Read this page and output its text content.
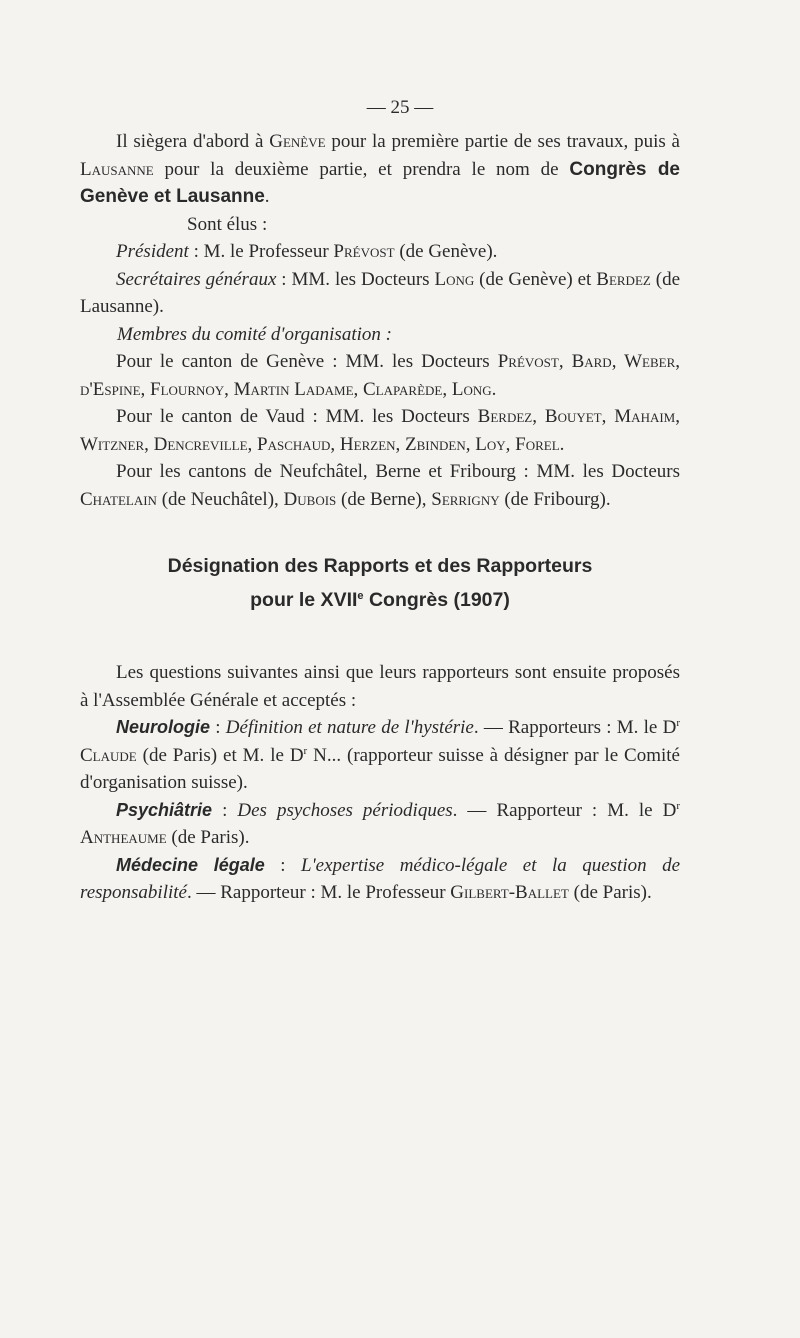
— 25 —

Il siègera d'abord à Genève pour la première partie de ses travaux, puis à Lausanne pour la deuxième partie, et prendra le nom de Congrès de Genève et Lausanne.

Sont élus :

Président : M. le Professeur Prévost (de Genève).

Secrétaires généraux : MM. les Docteurs Long (de Genève) et Berdez (de Lausanne).

Membres du comité d'organisation :

Pour le canton de Genève : MM. les Docteurs Prévost, Bard, Weber, d'Espine, Flournoy, Martin Ladame, Claparède, Long.

Pour le canton de Vaud : MM. les Docteurs Berdez, Bouyet, Mahaim, Witzner, Dencreville, Paschaud, Herzen, Zbinden, Loy, Forel.

Pour les cantons de Neufchâtel, Berne et Fribourg : MM. les Docteurs Chatelain (de Neuchâtel), Dubois (de Berne), Serrigny (de Fribourg).

Désignation des Rapports et des Rapporteurs
pour le XVIIe Congrès (1907)

Les questions suivantes ainsi que leurs rapporteurs sont ensuite proposés à l'Assemblée Générale et acceptés :

Neurologie : Définition et nature de l'hystérie. — Rapporteurs : M. le $D^r$ Claude (de Paris) et M. le $D^r$ N... (rapporteur suisse à désigner par le Comité d'organisation suisse).

Psychiâtrie : Des psychoses périodiques. — Rapporteur : M. le $D^r$ Antheaume (de Paris).

Médecine légale : L'expertise médico-légale et la question de responsabilité. — Rapporteur : M. le Professeur Gilbert-Ballet (de Paris).
